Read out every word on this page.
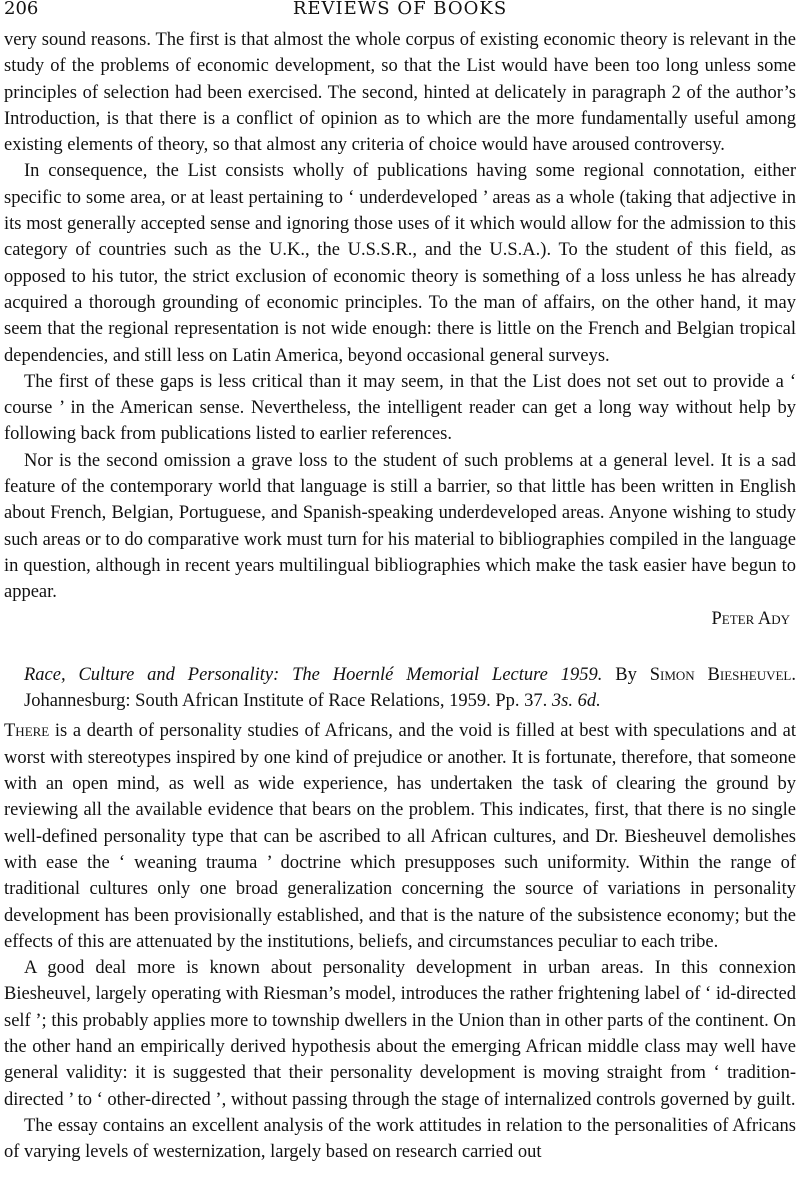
206	REVIEWS OF BOOKS

very sound reasons. The first is that almost the whole corpus of existing economic theory is relevant in the study of the problems of economic development, so that the List would have been too long unless some principles of selection had been exercised. The second, hinted at delicately in paragraph 2 of the author’s Introduction, is that there is a conflict of opinion as to which are the more fundamentally useful among existing elements of theory, so that almost any criteria of choice would have aroused controversy.

In consequence, the List consists wholly of publications having some regional connotation, either specific to some area, or at least pertaining to ‘ underdeveloped ’ areas as a whole (taking that adjective in its most generally accepted sense and ignoring those uses of it which would allow for the admission to this category of countries such as the U.K., the U.S.S.R., and the U.S.A.). To the student of this field, as opposed to his tutor, the strict exclusion of economic theory is something of a loss unless he has already acquired a thorough grounding of economic principles. To the man of affairs, on the other hand, it may seem that the regional representation is not wide enough: there is little on the French and Belgian tropical dependencies, and still less on Latin America, beyond occasional general surveys.

The first of these gaps is less critical than it may seem, in that the List does not set out to provide a ‘ course ’ in the American sense. Nevertheless, the intelligent reader can get a long way without help by following back from publications listed to earlier references.

Nor is the second omission a grave loss to the student of such problems at a general level. It is a sad feature of the contemporary world that language is still a barrier, so that little has been written in English about French, Belgian, Portuguese, and Spanish-speaking underdeveloped areas. Anyone wishing to study such areas or to do comparative work must turn for his material to bibliographies compiled in the language in question, although in recent years multilingual bibliographies which make the task easier have begun to appear.

Peter Ady

Race, Culture and Personality: The Hoernlé Memorial Lecture 1959. By Simon Biesheuvel. Johannesburg: South African Institute of Race Relations, 1959. Pp. 37. 3s. 6d.

There is a dearth of personality studies of Africans, and the void is filled at best with speculations and at worst with stereotypes inspired by one kind of prejudice or another. It is fortunate, therefore, that someone with an open mind, as well as wide experience, has undertaken the task of clearing the ground by reviewing all the available evidence that bears on the problem. This indicates, first, that there is no single well-defined personality type that can be ascribed to all African cultures, and Dr. Biesheuvel demolishes with ease the ‘ weaning trauma ’ doctrine which presupposes such uniformity. Within the range of traditional cultures only one broad generalization concerning the source of variations in personality development has been provisionally established, and that is the nature of the subsistence economy; but the effects of this are attenuated by the institutions, beliefs, and circumstances peculiar to each tribe.

A good deal more is known about personality development in urban areas. In this connexion Biesheuvel, largely operating with Riesman’s model, introduces the rather frightening label of ‘ id-directed self ’; this probably applies more to township dwellers in the Union than in other parts of the continent. On the other hand an empirically derived hypothesis about the emerging African middle class may well have general validity: it is suggested that their personality development is moving straight from ‘ tradition-directed ’ to ‘ other-directed ’, without passing through the stage of internalized controls governed by guilt.

The essay contains an excellent analysis of the work attitudes in relation to the personalities of Africans of varying levels of westernization, largely based on research carried out
